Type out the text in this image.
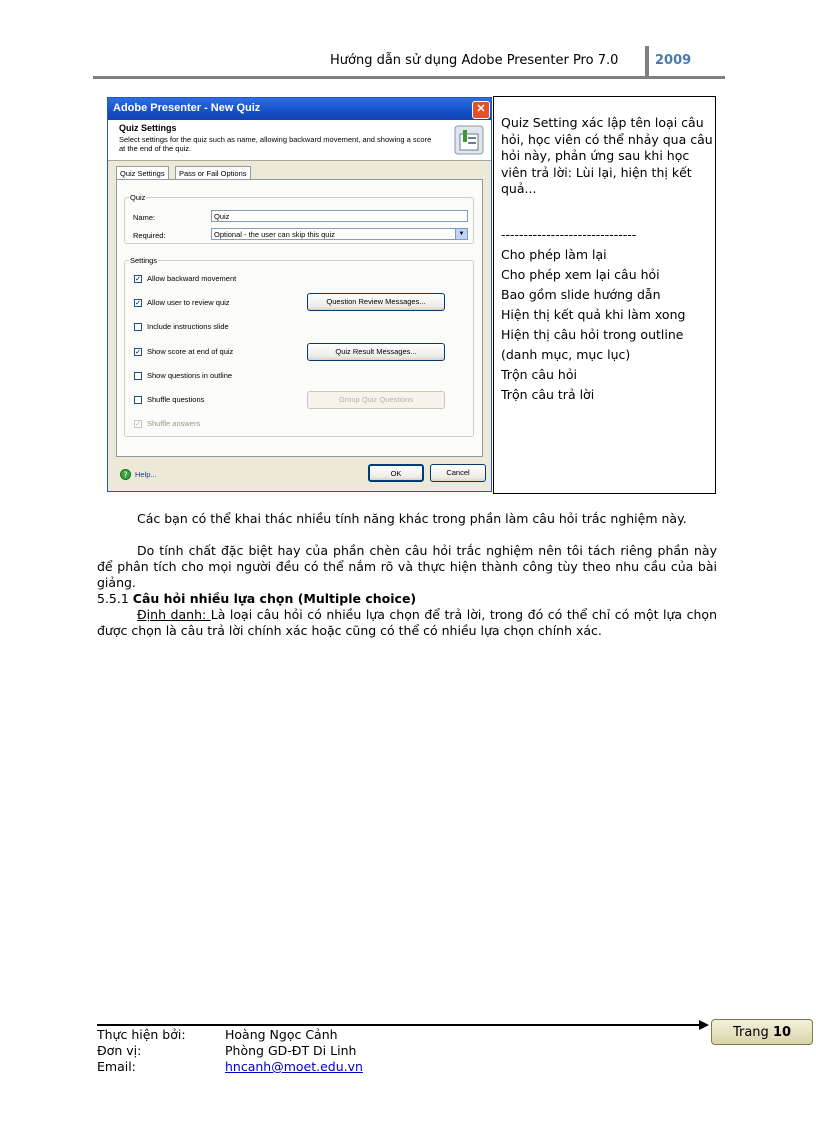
Hướng dẫn sử dụng Adobe Presenter Pro 7.0	2009
Adobe Presenter - New Quiz	✕
Quiz Settings
Select settings for the quiz such as name, allowing backward movement, and showing a score at the end of the quiz.
Quiz Settings	Pass or Fail Options
Quiz
Name:	Quiz
Required:	Optional - the user can skip this quiz	▼
Settings
✓ Allow backward movement
✓ Allow user to review quiz	Question Review Messages...
Include instructions slide
✓ Show score at end of quiz	Quiz Result Messages...
Show questions in outline
Shuffle questions	Group Quiz Questions
✓ Shuffle answers
? Help...	OK	Cancel

Quiz Setting xác lập tên loại câu hỏi, học viên có thể nhảy qua câu hỏi này, phản ứng sau khi học viên trả lời: Lùi lại, hiện thị kết quả...

------------------------------
Cho phép làm lại
Cho phép xem lại câu hỏi
Bao gồm slide hướng dẫn
Hiện thị kết quả khi làm xong
Hiện thị câu hỏi trong outline (danh mục, mục lục)
Trộn câu hỏi
Trộn câu trả lời

Các bạn có thể khai thác nhiều tính năng khác trong phần làm câu hỏi trắc nghiệm này.

Do tính chất đặc biệt hay của phần chèn câu hỏi trắc nghiệm nên tôi tách riêng phần này để phân tích cho mọi người đều có thể nắm rõ và thực hiện thành công tùy theo nhu cầu của bài giảng.

5.5.1 Câu hỏi nhiều lựa chọn (Multiple choice)

Định danh: Là loại câu hỏi có nhiều lựa chọn để trả lời, trong đó có thể chỉ có một lựa chọn được chọn là câu trả lời chính xác hoặc cũng có thể có nhiều lựa chọn chính xác.

Trang 10
Thực hiện bởi:	Hoàng Ngọc Cảnh
Đơn vị:	Phòng GD-ĐT Di Linh
Email:	hncanh@moet.edu.vn
